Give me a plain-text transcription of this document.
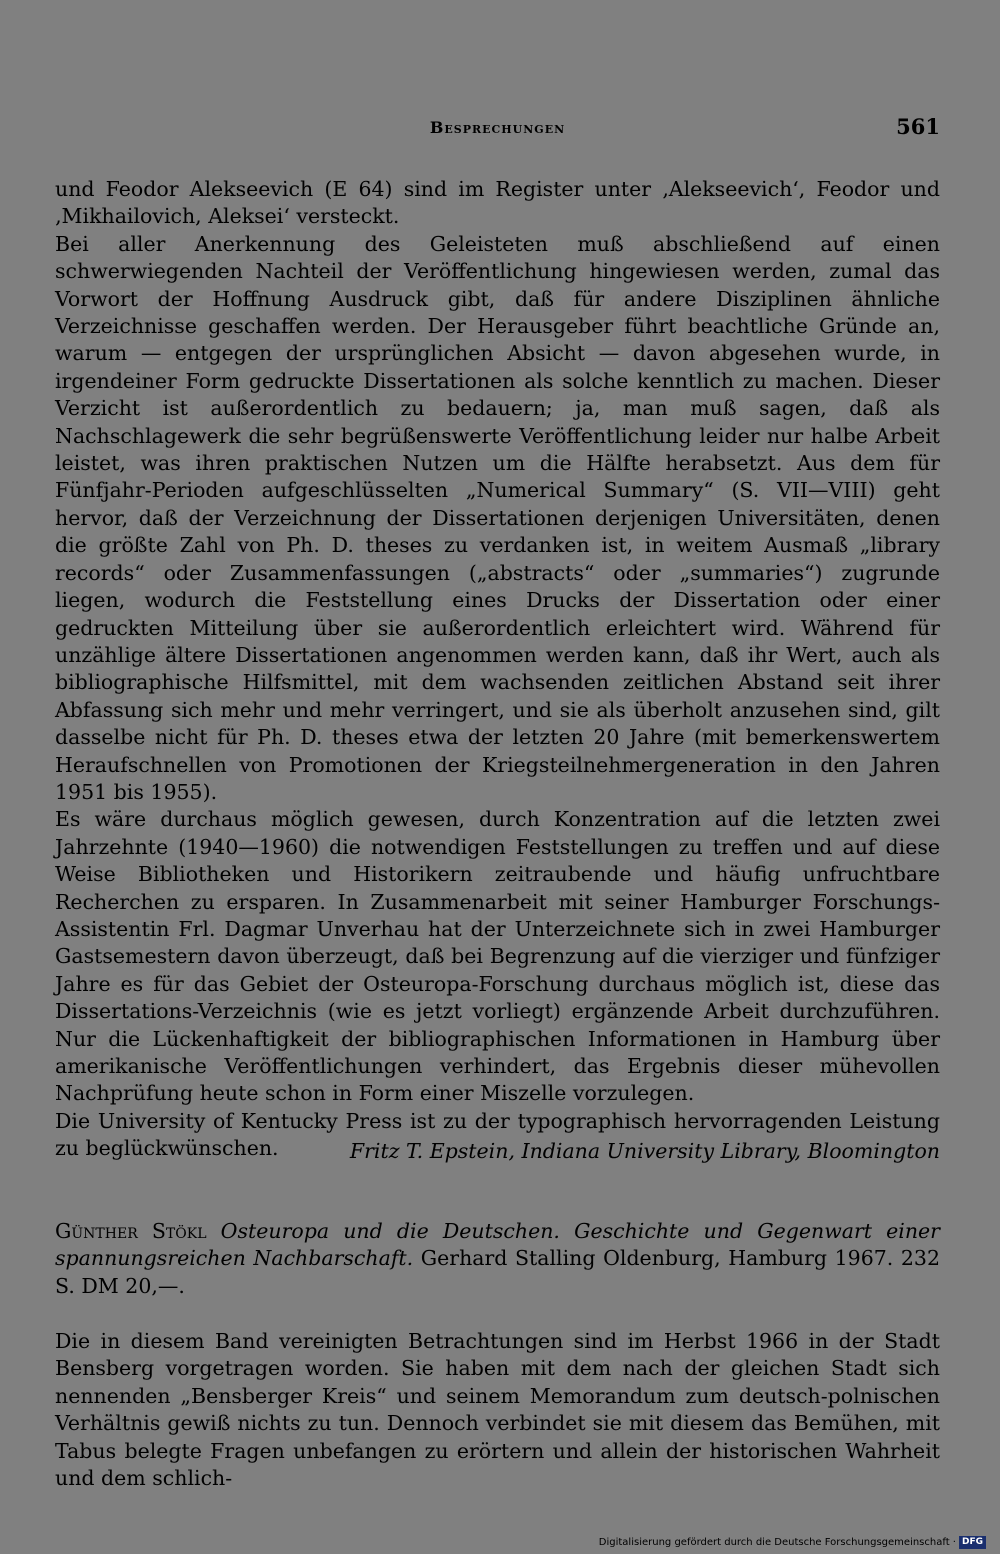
Besprechungen	561

und Feodor Alekseevich (E 64) sind im Register unter ‚Alekseevich‘, Feodor und ‚Mikhailovich, Aleksei‘ versteckt.

Bei aller Anerkennung des Geleisteten muß abschließend auf einen schwerwiegenden Nachteil der Veröffentlichung hingewiesen werden, zumal das Vorwort der Hoffnung Ausdruck gibt, daß für andere Disziplinen ähnliche Verzeichnisse geschaffen werden. Der Herausgeber führt beachtliche Gründe an, warum — entgegen der ursprünglichen Absicht — davon abgesehen wurde, in irgendeiner Form gedruckte Dissertationen als solche kenntlich zu machen. Dieser Verzicht ist außerordentlich zu bedauern; ja, man muß sagen, daß als Nachschlagewerk die sehr begrüßenswerte Veröffentlichung leider nur halbe Arbeit leistet, was ihren praktischen Nutzen um die Hälfte herabsetzt. Aus dem für Fünfjahr-Perioden aufgeschlüsselten „Numerical Summary“ (S. VII—VIII) geht hervor, daß der Verzeichnung der Dissertationen derjenigen Universitäten, denen die größte Zahl von Ph. D. theses zu verdanken ist, in weitem Ausmaß „library records“ oder Zusammenfassungen („abstracts“ oder „summaries“) zugrunde liegen, wodurch die Feststellung eines Drucks der Dissertation oder einer gedruckten Mitteilung über sie außerordentlich erleichtert wird. Während für unzählige ältere Dissertationen angenommen werden kann, daß ihr Wert, auch als bibliographische Hilfsmittel, mit dem wachsenden zeitlichen Abstand seit ihrer Abfassung sich mehr und mehr verringert, und sie als überholt anzusehen sind, gilt dasselbe nicht für Ph. D. theses etwa der letzten 20 Jahre (mit bemerkenswertem Heraufschnellen von Promotionen der Kriegsteilnehmergeneration in den Jahren 1951 bis 1955).

Es wäre durchaus möglich gewesen, durch Konzentration auf die letzten zwei Jahrzehnte (1940—1960) die notwendigen Feststellungen zu treffen und auf diese Weise Bibliotheken und Historikern zeitraubende und häufig unfruchtbare Recherchen zu ersparen. In Zusammenarbeit mit seiner Hamburger Forschungs-Assistentin Frl. Dagmar Unverhau hat der Unterzeichnete sich in zwei Hamburger Gastsemestern davon überzeugt, daß bei Begrenzung auf die vierziger und fünfziger Jahre es für das Gebiet der Osteuropa-Forschung durchaus möglich ist, diese das Dissertations-Verzeichnis (wie es jetzt vorliegt) ergänzende Arbeit durchzuführen. Nur die Lückenhaftigkeit der bibliographischen Informationen in Hamburg über amerikanische Veröffentlichungen verhindert, das Ergebnis dieser mühevollen Nachprüfung heute schon in Form einer Miszelle vorzulegen.

Die University of Kentucky Press ist zu der typographisch hervorragenden Leistung zu beglückwünschen.	Fritz T. Epstein, Indiana University Library, Bloomington
Günther Stökl Osteuropa und die Deutschen. Geschichte und Gegenwart einer spannungsreichen Nachbarschaft. Gerhard Stalling Oldenburg, Hamburg 1967. 232 S. DM 20,—.

Die in diesem Band vereinigten Betrachtungen sind im Herbst 1966 in der Stadt Bensberg vorgetragen worden. Sie haben mit dem nach der gleichen Stadt sich nennenden „Bensberger Kreis“ und seinem Memorandum zum deutsch-polnischen Verhältnis gewiß nichts zu tun. Dennoch verbindet sie mit diesem das Bemühen, mit Tabus belegte Fragen unbefangen zu erörtern und allein der historischen Wahrheit und dem schlich-

Digitalisierung gefördert durch die Deutsche Forschungsgemeinschaft · DFG
